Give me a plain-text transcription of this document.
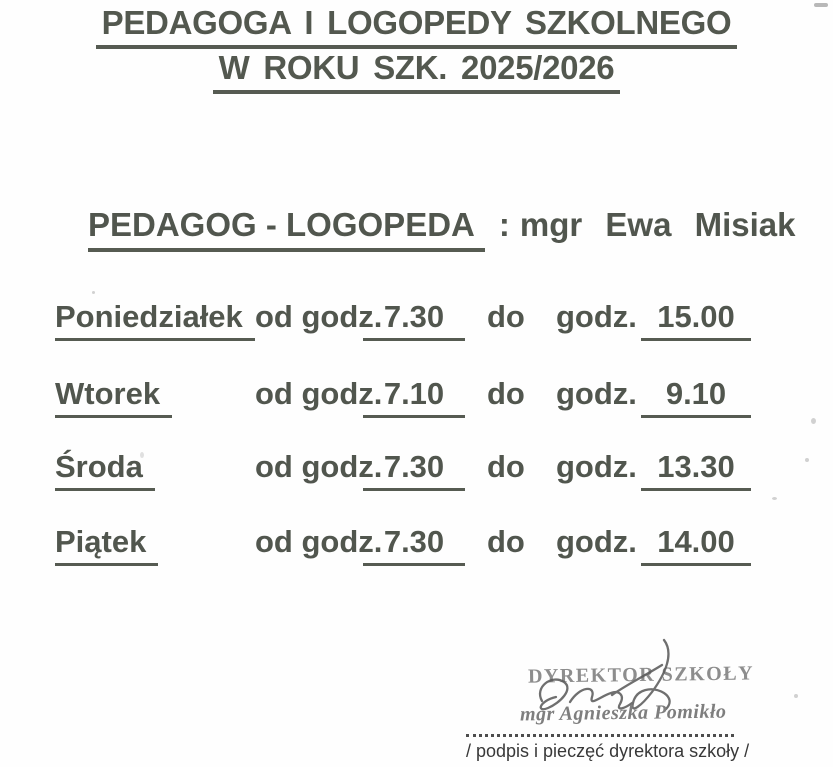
PEDAGOGA I LOGOPEDY SZKOLNEGO
W ROKU SZK. 2025/2026
PEDAGOG - LOGOPEDA : mgr Ewa Misiak
Poniedziałek od godz. 7.30	do godz. 15.00
Wtorek	od godz. 7.10	do godz. 9.10
Środa	od godz. 7.30	do godz. 13.30
Piątek	od godz. 7.30	do godz. 14.00
DYREKTOR SZKOŁY
mgr Agnieszka Pomikło
/ podpis i pieczęć dyrektora szkoły /
